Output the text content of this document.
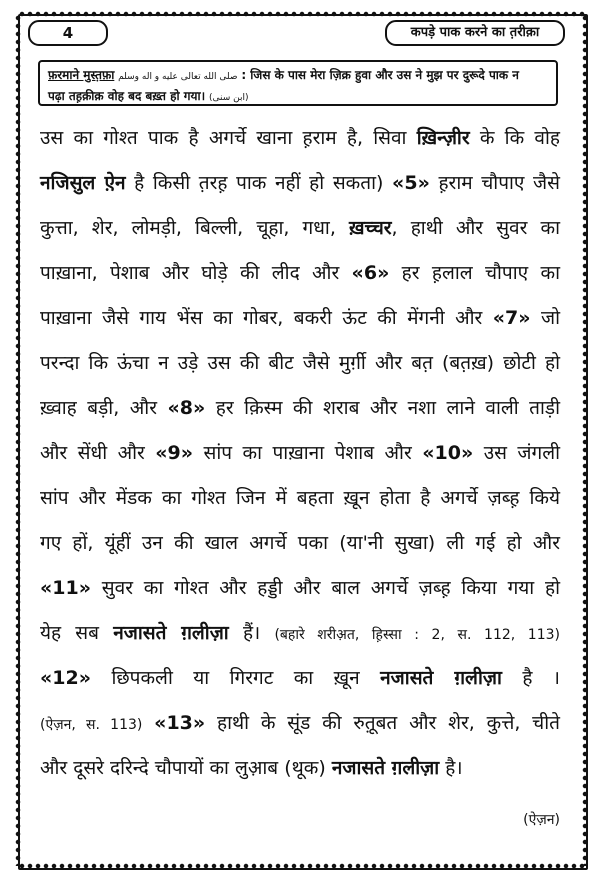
4	कपड़े पाक करने का त़रीक़ा
फ़रमाने मुस्त़फ़ा صلى الله تعالى عليه و اله وسلم : जिस के पास मेरा ज़िक्र हुवा और उस ने मुझ पर दुरूदे पाक न
पढ़ा तह़क़ीक़ वोह बद बख़्त हो गया। (ابن سنی)
उस का गोश्त पाक है अगर्चे खाना ह़राम है, सिवा ख़िन्ज़ीर के कि वोह
नजिसुल ऐ़न है किसी त़रह़ पाक नहीं हो सकता) « 5 » ह़राम चौपाए जैसे
कुत्ता, शेर, लोमड़ी, बिल्ली, चूहा, गधा, ख़च्चर, हाथी और सुवर का
पाख़ाना, पेशाब और घोड़े की लीद और « 6 » हर ह़लाल चौपाए का
पाख़ाना जैसे गाय भेंस का गोबर, बकरी ऊंट की मेंगनी और « 7 » जो
परन्दा कि ऊंचा न उड़े उस की बीट जैसे मुर्ग़ी और बत़ (बत़ख़) छोटी हो
ख़्वाह बड़ी, और « 8 » हर क़िस्म की शराब और नशा लाने वाली ताड़ी
और सेंधी और « 9 » सांप का पाख़ाना पेशाब और « 10 » उस जंगली
सांप और मेंडक का गोश्त जिन में बहता ख़ून होता है अगर्चे ज़ब्ह़ किये
गए हों, यूंहीं उन की खाल अगर्चे पका (या'नी सुखा) ली गई हो और
« 11 » सुवर का गोश्त और हड्डी और बाल अगर्चे ज़ब्ह़ किया गया हो
येह सब नजासते ग़लीज़ा हैं। (बहारे शरीअ़त, ह़िस्सा : 2, स. 112, 113)
« 12 » छिपकली या गिरगट का ख़ून नजासते ग़लीज़ा है ।
(ऐज़न, स. 113) « 13 » हाथी के सूंड की रुत़ूबत और शेर, कुत्ते, चीते
और दूसरे दरिन्दे चौपायों का लुआ़ब (थूक) नजासते ग़लीज़ा है।
(ऐज़न)
